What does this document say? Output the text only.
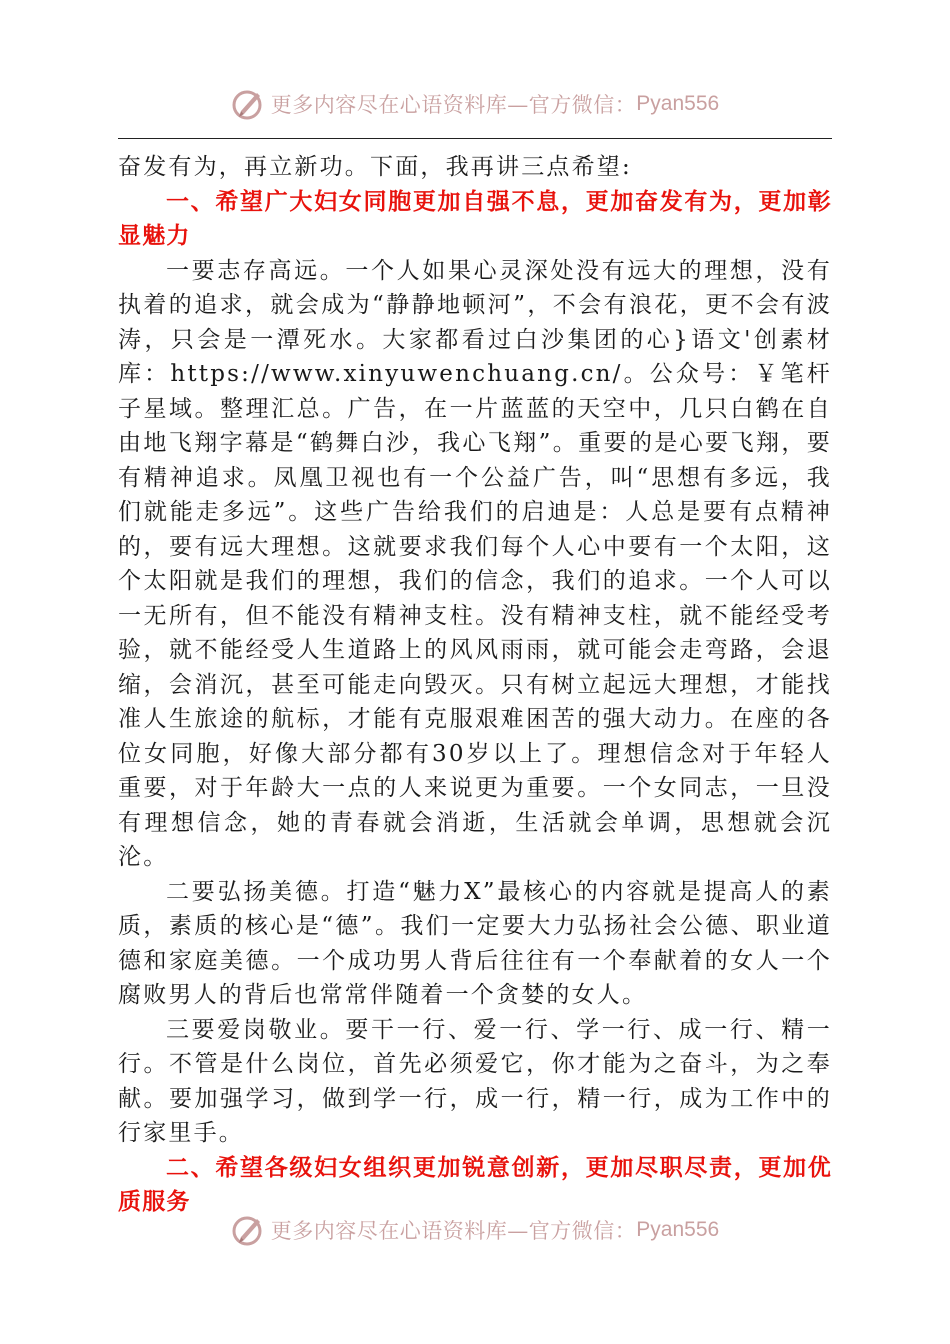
更多内容尽在心语资料库—官方微信： Pyan556

奋发有为，再立新功。下面，我再讲三点希望:

一、希望广大妇女同胞更加自强不息，更加奋发有为，更加彰显魅力

一要志存高远。一个人如果心灵深处没有远大的理想，没有执着的追求，就会成为“静静地顿河”，不会有浪花，更不会有波涛，只会是一潭死水。大家都看过白沙集团的心}语文'创素材库：https://www.xinyuwenchuang.cn/。公众号：￥笔杆子星域。整理汇总。广告，在一片蓝蓝的天空中，几只白鹤在自由地飞翔字幕是“鹤舞白沙，我心飞翔”。重要的是心要飞翔，要有精神追求。凤凰卫视也有一个公益广告，叫“思想有多远，我们就能走多远”。这些广告给我们的启迪是：人总是要有点精神的，要有远大理想。这就要求我们每个人心中要有一个太阳，这个太阳就是我们的理想，我们的信念，我们的追求。一个人可以一无所有，但不能没有精神支柱。没有精神支柱，就不能经受考验，就不能经受人生道路上的风风雨雨，就可能会走弯路，会退缩，会消沉，甚至可能走向毁灭。只有树立起远大理想，才能找准人生旅途的航标，才能有克服艰难困苦的强大动力。在座的各位女同胞，好像大部分都有30岁以上了。理想信念对于年轻人重要，对于年龄大一点的人来说更为重要。一个女同志，一旦没有理想信念，她的青春就会消逝，生活就会单调，思想就会沉沦。

二要弘扬美德。打造“魅力X”最核心的内容就是提高人的素质，素质的核心是“德”。我们一定要大力弘扬社会公德、职业道德和家庭美德。一个成功男人背后往往有一个奉献着的女人一个腐败男人的背后也常常伴随着一个贪婪的女人。

三要爱岗敬业。要干一行、爱一行、学一行、成一行、精一行。不管是什么岗位，首先必须爱它，你才能为之奋斗，为之奉献。要加强学习，做到学一行，成一行，精一行，成为工作中的行家里手。

二、希望各级妇女组织更加锐意创新，更加尽职尽责，更加优质服务

更多内容尽在心语资料库—官方微信： Pyan556
